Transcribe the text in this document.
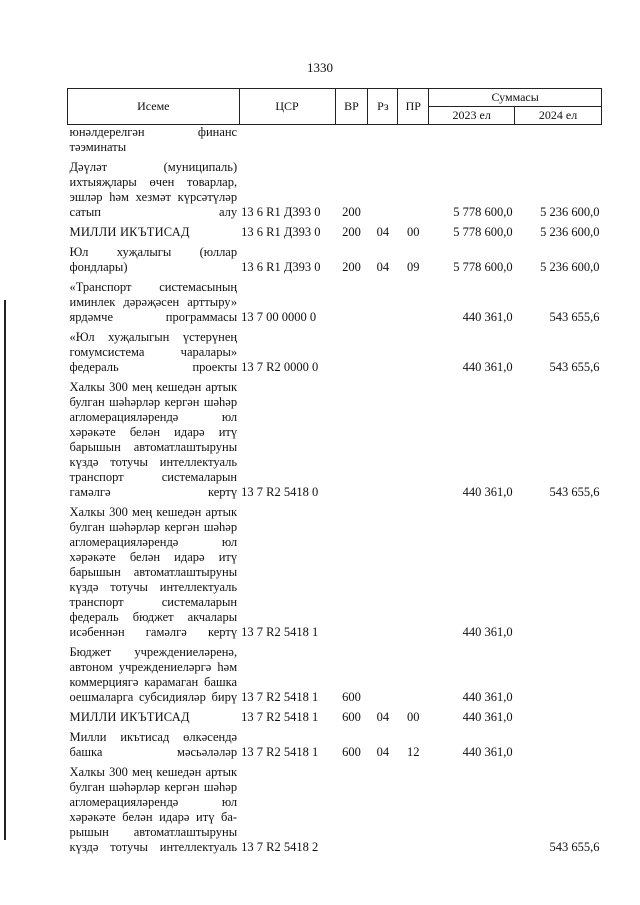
1330
Исеме	ЦСР	ВР	Рз	ПР	Суммасы	
					2023 ел	2024 ел
юнәлдерелгән финанс тәэминаты						
Дәүләт (муниципаль) ихтыяҗлары өчен товарлар, эшләр һәм хезмәт күрсәтүләр сатып алу	13 6 R1 Д393 0	200			5 778 600,0	5 236 600,0
МИЛЛИ ИКЪТИСАД	13 6 R1 Д393 0	200	04	00	5 778 600,0	5 236 600,0
Юл хуҗалыгы (юллар фондлары)	13 6 R1 Д393 0	200	04	09	5 778 600,0	5 236 600,0
«Транспорт системасының иминлек дәрәҗәсен арттыру» ярдәмче программасы	13 7 00 0000 0				440 361,0	543 655,6
«Юл хуҗалыгын үстерүнең гомумсистема чаралары» федераль проекты	13 7 R2 0000 0				440 361,0	543 655,6
Халкы 300 мең кешедән артык булган шәһәрләр кергән шәһәр агломерацияләрендә юл хәрәкәте белән идарә итү барышын автоматлаштыруны күздә тотучы интеллектуаль транспорт системаларын гамәлгә кертү	13 7 R2 5418 0				440 361,0	543 655,6
Халкы 300 мең кешедән артык булган шәһәрләр кергән шәһәр агломерацияләрендә юл хәрәкәте белән идарә итү барышын автоматлаштыруны күздә тотучы интеллектуаль транспорт системаларын федераль бюджет акчалары исәбеннән гамәлгә кертү	13 7 R2 5418 1				440 361,0	
Бюджет учреждениеләренә, автоном учреждениеләргә һәм коммерциягә карамаган башка оешмаларга субсидияләр бирү	13 7 R2 5418 1	600			440 361,0	
МИЛЛИ ИКЪТИСАД	13 7 R2 5418 1	600	04	00	440 361,0	
Милли икътисад өлкәсендә башка мәсьәләләр	13 7 R2 5418 1	600	04	12	440 361,0	
Халкы 300 мең кешедән артык булган шәһәрләр кергән шәһәр агломерацияләрендә юл хәрәкәте белән идарә итү ба-рышын автоматлаштыруны күздә тотучы интеллектуаль	13 7 R2 5418 2					543 655,6
